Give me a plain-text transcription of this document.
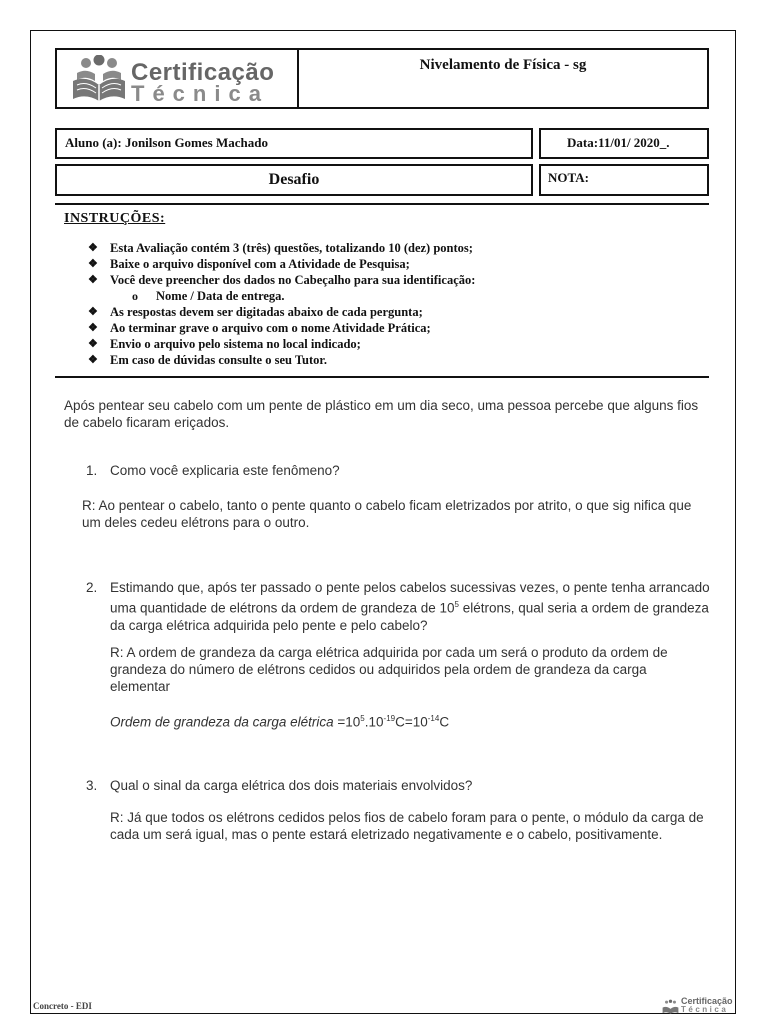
Certificação
Técnica
Nivelamento de Física - sg
Aluno (a): Jonilson Gomes Machado	Data:11/01/ 2020_.
Desafio	NOTA:
INSTRUÇÕES:
❖ Esta Avaliação contém 3 (três) questões, totalizando 10 (dez) pontos;
❖ Baixe o arquivo disponível com a Atividade de Pesquisa;
❖ Você deve preencher dos dados no Cabeçalho para sua identificação:
o Nome / Data de entrega.
❖ As respostas devem ser digitadas abaixo de cada pergunta;
❖ Ao terminar grave o arquivo com o nome Atividade Prática;
❖ Envio o arquivo pelo sistema no local indicado;
❖ Em caso de dúvidas consulte o seu Tutor.
Após pentear seu cabelo com um pente de plástico em um dia seco, uma pessoa percebe que alguns fios de cabelo ficaram eriçados.
1. Como você explicaria este fenômeno?
R: Ao pentear o cabelo, tanto o pente quanto o cabelo ficam eletrizados por atrito, o que sig nifica que um deles cedeu elétrons para o outro.
2. Estimando que, após ter passado o pente pelos cabelos sucessivas vezes, o pente tenha arrancado uma quantidade de elétrons da ordem de grandeza de $10^5$ elétrons, qual seria a ordem de grandeza da carga elétrica adquirida pelo pente e pelo cabelo?
R: A ordem de grandeza da carga elétrica adquirida por cada um será o produto da ordem de grandeza do número de elétrons cedidos ou adquiridos pela ordem de grandeza da carga elementar
Ordem de grandeza da carga elétrica $=10^5.10^{-19}C=10^{-14}C$
3. Qual o sinal da carga elétrica dos dois materiais envolvidos?
R: Já que todos os elétrons cedidos pelos fios de cabelo foram para o pente, o módulo da carga de cada um será igual, mas o pente estará eletrizado negativamente e o cabelo, positivamente.
Concreto - EDI	Certificação
Técnica
